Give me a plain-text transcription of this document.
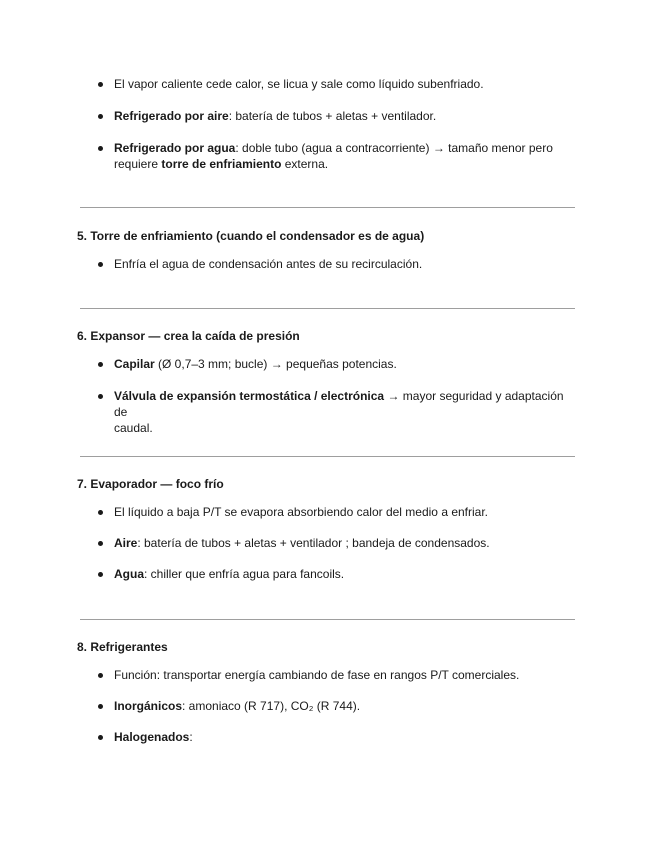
El vapor caliente cede calor, se licua y sale como líquido subenfriado.
Refrigerado por aire: batería de tubos + aletas + ventilador.
Refrigerado por agua: doble tubo (agua a contracorriente) → tamaño menor pero
requiere torre de enfriamiento externa.
5. Torre de enfriamiento (cuando el condensador es de agua)
Enfría el agua de condensación antes de su recirculación.
6. Expansor — crea la caída de presión
Capilar (Ø 0,7–3 mm; bucle) → pequeñas potencias.
Válvula de expansión termostática / electrónica → mayor seguridad y adaptación de
caudal.
7. Evaporador — foco frío
El líquido a baja P/T se evapora absorbiendo calor del medio a enfriar.
Aire: batería de tubos + aletas + ventilador ; bandeja de condensados.
Agua: chiller que enfría agua para fancoils.
8. Refrigerantes
Función: transportar energía cambiando de fase en rangos P/T comerciales.
Inorgánicos: amoniaco (R 717), CO₂ (R 744).
Halogenados:
